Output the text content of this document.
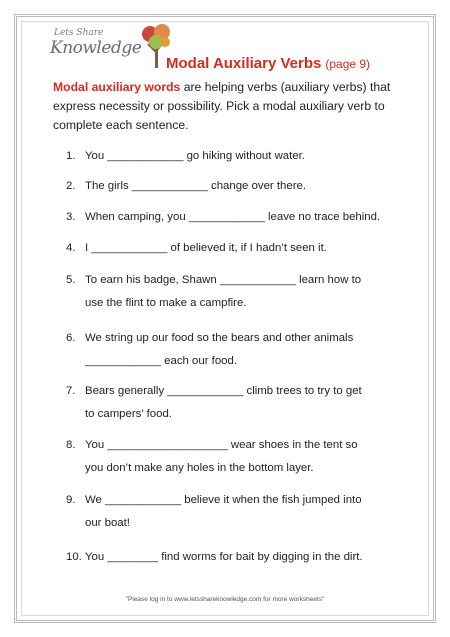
Lets Share
Knowledge
Modal Auxiliary Verbs (page 9)

Modal auxiliary words are helping verbs (auxiliary verbs) that express necessity or possibility. Pick a modal auxiliary verb to complete each sentence.

1. You ____________ go hiking without water.
2. The girls ____________ change over there.
3. When camping, you ____________ leave no trace behind.
4. I ____________ of believed it, if I hadn’t seen it.
5. To earn his badge, Shawn ____________ learn how to
use the flint to make a campfire.
6. We string up our food so the bears and other animals
____________ each our food.
7. Bears generally ____________ climb trees to try to get
to campers’ food.
8. You ___________________ wear shoes in the tent so
you don’t make any holes in the bottom layer.
9. We ____________ believe it when the fish jumped into
our boat!
10. You ________ find worms for bait by digging in the dirt.
"Please log in to www.letsshareknowledge.com for more worksheets"
